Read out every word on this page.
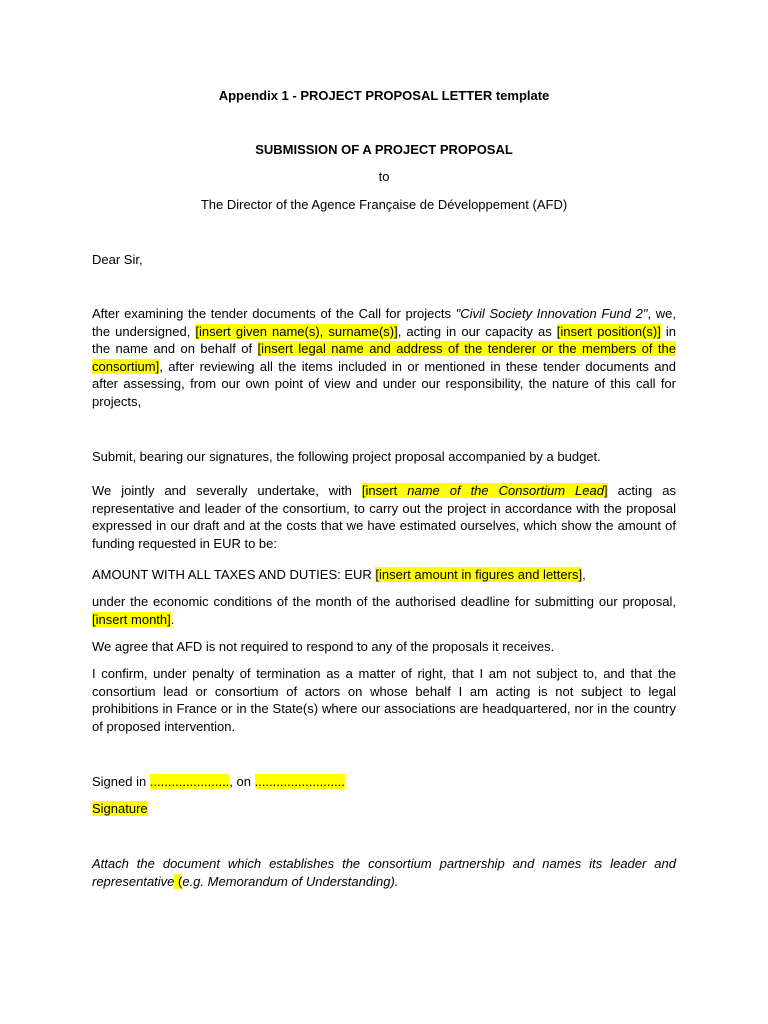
Appendix 1 - PROJECT PROPOSAL LETTER template

SUBMISSION OF A PROJECT PROPOSAL

to

The Director of the Agence Française de Développement (AFD)

Dear Sir,

After examining the tender documents of the Call for projects "Civil Society Innovation Fund 2", we, the undersigned, [insert given name(s), surname(s)], acting in our capacity as [insert position(s)] in the name and on behalf of [insert legal name and address of the tenderer or the members of the consortium], after reviewing all the items included in or mentioned in these tender documents and after assessing, from our own point of view and under our responsibility, the nature of this call for projects,

Submit, bearing our signatures, the following project proposal accompanied by a budget.

We jointly and severally undertake, with [insert name of the Consortium Lead] acting as representative and leader of the consortium, to carry out the project in accordance with the proposal expressed in our draft and at the costs that we have estimated ourselves, which show the amount of funding requested in EUR to be:

AMOUNT WITH ALL TAXES AND DUTIES: EUR [insert amount in figures and letters],

under the economic conditions of the month of the authorised deadline for submitting our proposal, [insert month].

We agree that AFD is not required to respond to any of the proposals it receives.

I confirm, under penalty of termination as a matter of right, that I am not subject to, and that the consortium lead or consortium of actors on whose behalf I am acting is not subject to legal prohibitions in France or in the State(s) where our associations are headquartered, nor in the country of proposed intervention.

Signed in ......................, on .........................

Signature

Attach the document which establishes the consortium partnership and names its leader and representative (e.g. Memorandum of Understanding).
